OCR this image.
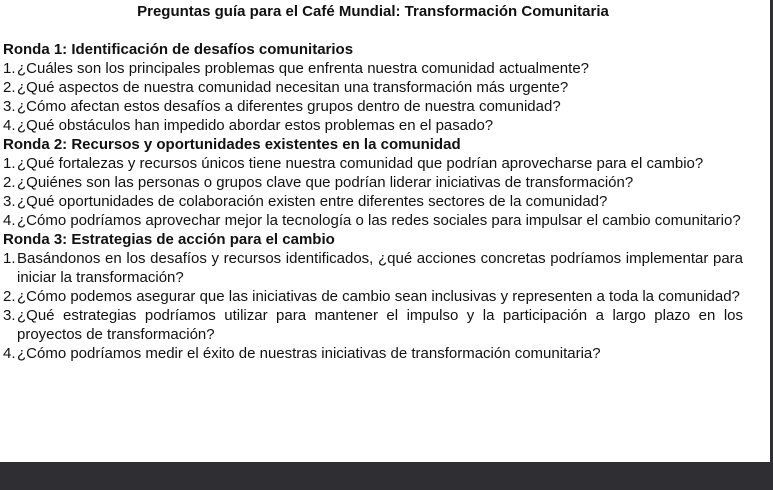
Preguntas guía para el Café Mundial: Transformación Comunitaria
Ronda 1: Identificación de desafíos comunitarios
1. ¿Cuáles son los principales problemas que enfrenta nuestra comunidad actualmente?
2. ¿Qué aspectos de nuestra comunidad necesitan una transformación más urgente?
3. ¿Cómo afectan estos desafíos a diferentes grupos dentro de nuestra comunidad?
4. ¿Qué obstáculos han impedido abordar estos problemas en el pasado?
Ronda 2: Recursos y oportunidades existentes en la comunidad
1. ¿Qué fortalezas y recursos únicos tiene nuestra comunidad que podrían aprovecharse para el cambio?
2. ¿Quiénes son las personas o grupos clave que podrían liderar iniciativas de transformación?
3. ¿Qué oportunidades de colaboración existen entre diferentes sectores de la comunidad?
4. ¿Cómo podríamos aprovechar mejor la tecnología o las redes sociales para impulsar el cambio comunitario?
Ronda 3: Estrategias de acción para el cambio
1. Basándonos en los desafíos y recursos identificados, ¿qué acciones concretas podríamos implementar para iniciar la transformación?
2. ¿Cómo podemos asegurar que las iniciativas de cambio sean inclusivas y representen a toda la comunidad?
3. ¿Qué estrategias podríamos utilizar para mantener el impulso y la participación a largo plazo en los proyectos de transformación?
4. ¿Cómo podríamos medir el éxito de nuestras iniciativas de transformación comunitaria?
